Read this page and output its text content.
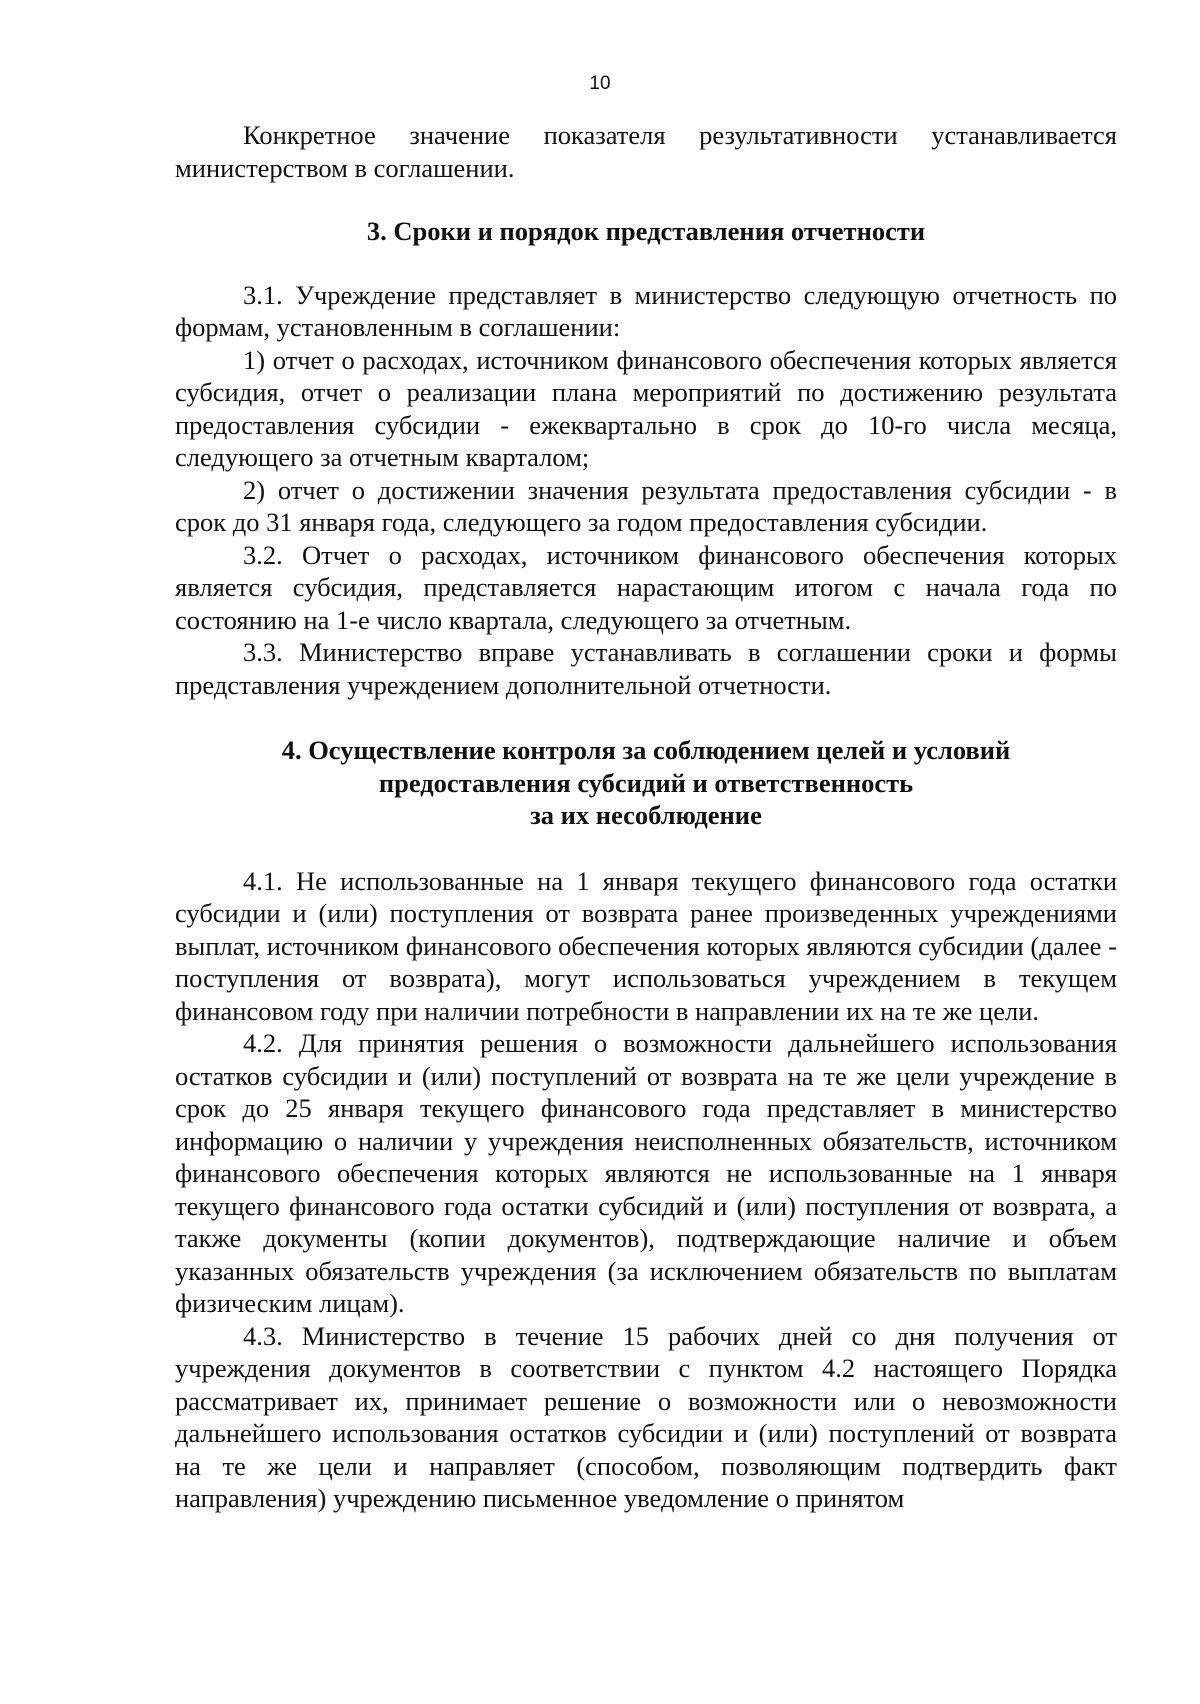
10

Конкретное значение показателя результативности устанавливается министерством в соглашении.

3. Сроки и порядок представления отчетности

3.1. Учреждение представляет в министерство следующую отчетность по формам, установленным в соглашении:

1) отчет о расходах, источником финансового обеспечения которых является субсидия, отчет о реализации плана мероприятий по достижению результата предоставления субсидии - ежеквартально в срок до 10-го числа месяца, следующего за отчетным кварталом;

2) отчет о достижении значения результата предоставления субсидии - в срок до 31 января года, следующего за годом предоставления субсидии.

3.2. Отчет о расходах, источником финансового обеспечения которых является субсидия, представляется нарастающим итогом с начала года по состоянию на 1-е число квартала, следующего за отчетным.

3.3. Министерство вправе устанавливать в соглашении сроки и формы представления учреждением дополнительной отчетности.

4. Осуществление контроля за соблюдением целей и условий
предоставления субсидий и ответственность
за их несоблюдение

4.1. Не использованные на 1 января текущего финансового года остатки субсидии и (или) поступления от возврата ранее произведенных учреждениями выплат, источником финансового обеспечения которых являются субсидии (далее - поступления от возврата), могут использоваться учреждением в текущем финансовом году при наличии потребности в направлении их на те же цели.

4.2. Для принятия решения о возможности дальнейшего использования остатков субсидии и (или) поступлений от возврата на те же цели учреждение в срок до 25 января текущего финансового года представляет в министерство информацию о наличии у учреждения неисполненных обязательств, источником финансового обеспечения которых являются не использованные на 1 января текущего финансового года остатки субсидий и (или) поступления от возврата, а также документы (копии документов), подтверждающие наличие и объем указанных обязательств учреждения (за исключением обязательств по выплатам физическим лицам).

4.3. Министерство в течение 15 рабочих дней со дня получения от учреждения документов в соответствии с пунктом 4.2 настоящего Порядка рассматривает их, принимает решение о возможности или о невозможности дальнейшего использования остатков субсидии и (или) поступлений от возврата на те же цели и направляет (способом, позволяющим подтвердить факт направления) учреждению письменное уведомление о принятом
